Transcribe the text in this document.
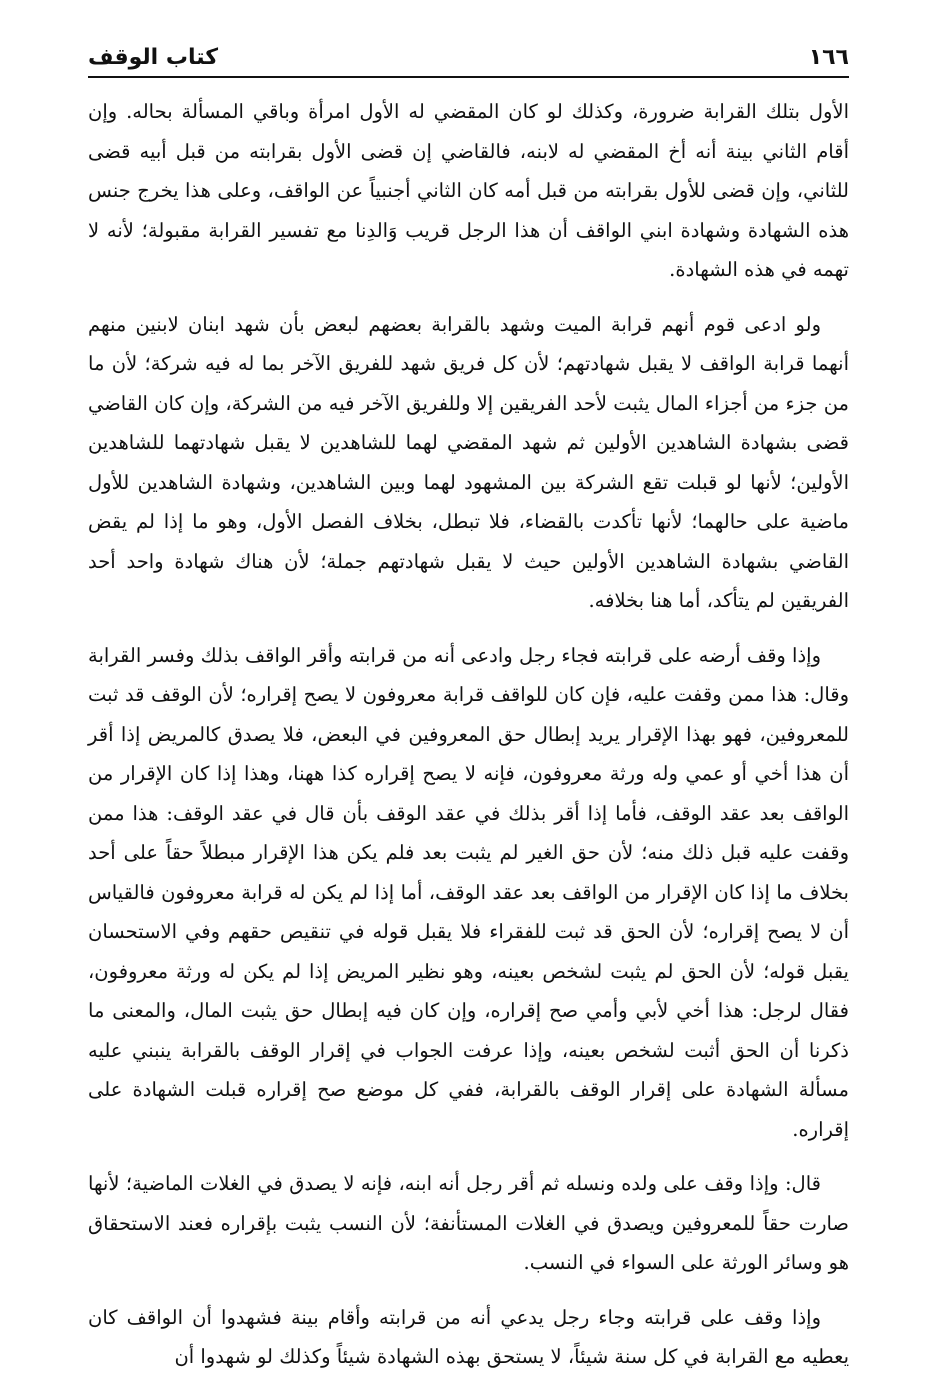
١٦٦
كتاب الوقف

الأول بتلك القرابة ضرورة، وكذلك لو كان المقضي له الأول امرأة وباقي المسألة بحاله. وإن أقام الثاني بينة أنه أخ المقضي له لابنه، فالقاضي إن قضى الأول بقرابته من قبل أبيه قضى للثاني، وإن قضى للأول بقرابته من قبل أمه كان الثاني أجنبياً عن الواقف، وعلى هذا يخرج جنس هذه الشهادة وشهادة ابني الواقف أن هذا الرجل قريب وَالدِنا مع تفسير القرابة مقبولة؛ لأنه لا تهمه في هذه الشهادة.

ولو ادعى قوم أنهم قرابة الميت وشهد بالقرابة بعضهم لبعض بأن شهد ابنان لابنين منهم أنهما قرابة الواقف لا يقبل شهادتهم؛ لأن كل فريق شهد للفريق الآخر بما له فيه شركة؛ لأن ما من جزء من أجزاء المال يثبت لأحد الفريقين إلا وللفريق الآخر فيه من الشركة، وإن كان القاضي قضى بشهادة الشاهدين الأولين ثم شهد المقضي لهما للشاهدين لا يقبل شهادتهما للشاهدين الأولين؛ لأنها لو قبلت تقع الشركة بين المشهود لهما وبين الشاهدين، وشهادة الشاهدين للأول ماضية على حالهما؛ لأنها تأكدت بالقضاء، فلا تبطل، بخلاف الفصل الأول، وهو ما إذا لم يقض القاضي بشهادة الشاهدين الأولين حيث لا يقبل شهادتهم جملة؛ لأن هناك شهادة واحد أحد الفريقين لم يتأكد، أما هنا بخلافه.

وإذا وقف أرضه على قرابته فجاء رجل وادعى أنه من قرابته وأقر الواقف بذلك وفسر القرابة وقال: هذا ممن وقفت عليه، فإن كان للواقف قرابة معروفون لا يصح إقراره؛ لأن الوقف قد ثبت للمعروفين، فهو بهذا الإقرار يريد إبطال حق المعروفين في البعض، فلا يصدق كالمريض إذا أقر أن هذا أخي أو عمي وله ورثة معروفون، فإنه لا يصح إقراره كذا ههنا، وهذا إذا كان الإقرار من الواقف بعد عقد الوقف، فأما إذا أقر بذلك في عقد الوقف بأن قال في عقد الوقف: هذا ممن وقفت عليه قبل ذلك منه؛ لأن حق الغير لم يثبت بعد فلم يكن هذا الإقرار مبطلاً حقاً على أحد بخلاف ما إذا كان الإقرار من الواقف بعد عقد الوقف، أما إذا لم يكن له قرابة معروفون فالقياس أن لا يصح إقراره؛ لأن الحق قد ثبت للفقراء فلا يقبل قوله في تنقيص حقهم وفي الاستحسان يقبل قوله؛ لأن الحق لم يثبت لشخص بعينه، وهو نظير المريض إذا لم يكن له ورثة معروفون، فقال لرجل: هذا أخي لأبي وأمي صح إقراره، وإن كان فيه إبطال حق يثبت المال، والمعنى ما ذكرنا أن الحق أثبت لشخص بعينه، وإذا عرفت الجواب في إقرار الوقف بالقرابة ينبني عليه مسألة الشهادة على إقرار الوقف بالقرابة، ففي كل موضع صح إقراره قبلت الشهادة على إقراره.

قال: وإذا وقف على ولده ونسله ثم أقر رجل أنه ابنه، فإنه لا يصدق في الغلات الماضية؛ لأنها صارت حقاً للمعروفين ويصدق في الغلات المستأنفة؛ لأن النسب يثبت بإقراره فعند الاستحقاق هو وسائر الورثة على السواء في النسب.

وإذا وقف على قرابته وجاء رجل يدعي أنه من قرابته وأقام بينة فشهدوا أن الواقف كان يعطيه مع القرابة في كل سنة شيئاً، لا يستحق بهذه الشهادة شيئاً وكذلك لو شهدوا أن
